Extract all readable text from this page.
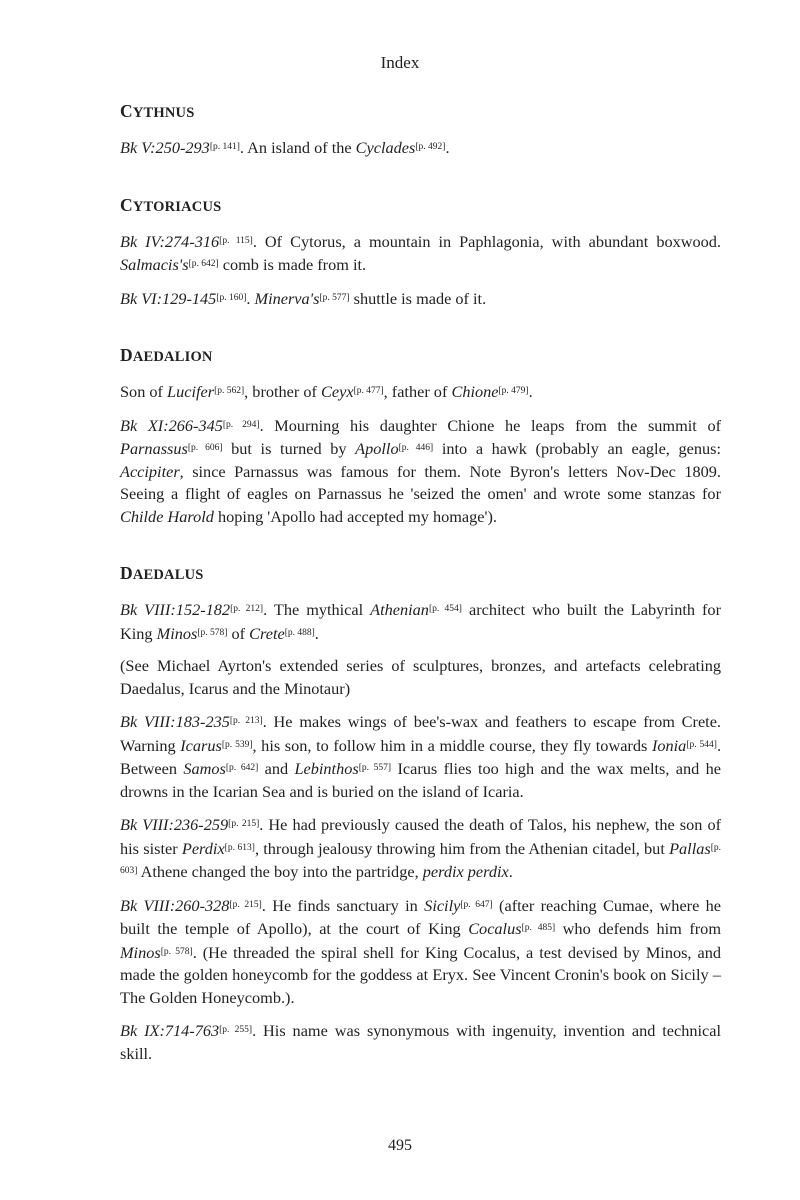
Index
CYTHNUS

Bk V:250-293[p. 141]. An island of the Cyclades[p. 492].

CYTORIACUS

Bk IV:274-316[p. 115]. Of Cytorus, a mountain in Paphlagonia, with abundant boxwood. Salmacis's[p. 642] comb is made from it.

Bk VI:129-145[p. 160]. Minerva's[p. 577] shuttle is made of it.

DAEDALION

Son of Lucifer[p. 562], brother of Ceyx[p. 477], father of Chione[p. 479].

Bk XI:266-345[p. 294]. Mourning his daughter Chione he leaps from the summit of Parnassus[p. 606] but is turned by Apollo[p. 446] into a hawk (probably an eagle, genus: Accipiter, since Parnassus was famous for them. Note Byron's letters Nov-Dec 1809. Seeing a flight of eagles on Parnassus he 'seized the omen' and wrote some stanzas for Childe Harold hoping 'Apollo had accepted my homage').

DAEDALUS

Bk VIII:152-182[p. 212]. The mythical Athenian[p. 454] architect who built the Labyrinth for King Minos[p. 578] of Crete[p. 488].

(See Michael Ayrton's extended series of sculptures, bronzes, and artefacts celebrating Daedalus, Icarus and the Minotaur)

Bk VIII:183-235[p. 213]. He makes wings of bee's-wax and feathers to escape from Crete. Warning Icarus[p. 539], his son, to follow him in a middle course, they fly towards Ionia[p. 544]. Between Samos[p. 642] and Lebinthos[p. 557] Icarus flies too high and the wax melts, and he drowns in the Icarian Sea and is buried on the island of Icaria.

Bk VIII:236-259[p. 215]. He had previously caused the death of Talos, his nephew, the son of his sister Perdix[p. 613], through jealousy throwing him from the Athenian citadel, but Pallas[p. 603] Athene changed the boy into the partridge, perdix perdix.

Bk VIII:260-328[p. 215]. He finds sanctuary in Sicily[p. 647] (after reaching Cumae, where he built the temple of Apollo), at the court of King Cocalus[p. 485] who defends him from Minos[p. 578]. (He threaded the spiral shell for King Cocalus, a test devised by Minos, and made the golden honeycomb for the goddess at Eryx. See Vincent Cronin's book on Sicily – The Golden Honeycomb.).

Bk IX:714-763[p. 255]. His name was synonymous with ingenuity, invention and technical skill.

495
